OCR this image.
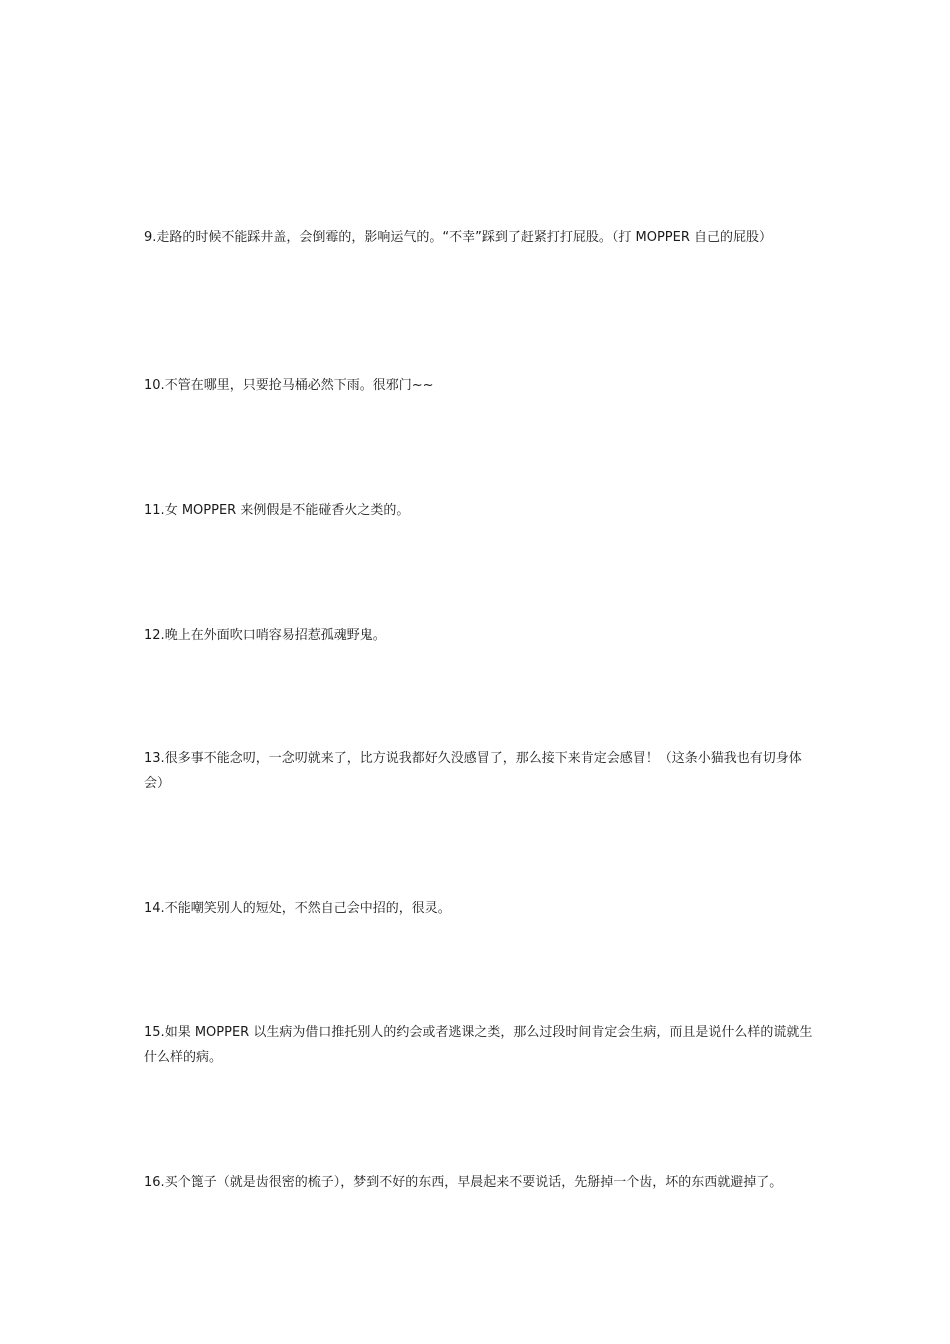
9.走路的时候不能踩井盖，会倒霉的，影响运气的。“不幸”踩到了赶紧打打屁股。（打 MOPPER 自己的屁股）

10.不管在哪里，只要抢马桶必然下雨。很邪门~~

11.女 MOPPER 来例假是不能碰香火之类的。

12.晚上在外面吹口哨容易招惹孤魂野鬼。

13.很多事不能念叨，一念叨就来了，比方说我都好久没感冒了，那么接下来肯定会感冒！（这条小猫我也有切身体会）

14.不能嘲笑别人的短处，不然自己会中招的，很灵。

15.如果 MOPPER 以生病为借口推托别人的约会或者逃课之类，那么过段时间肯定会生病，而且是说什么样的谎就生什么样的病。

16.买个篦子（就是齿很密的梳子），梦到不好的东西，早晨起来不要说话，先掰掉一个齿，坏的东西就避掉了。
